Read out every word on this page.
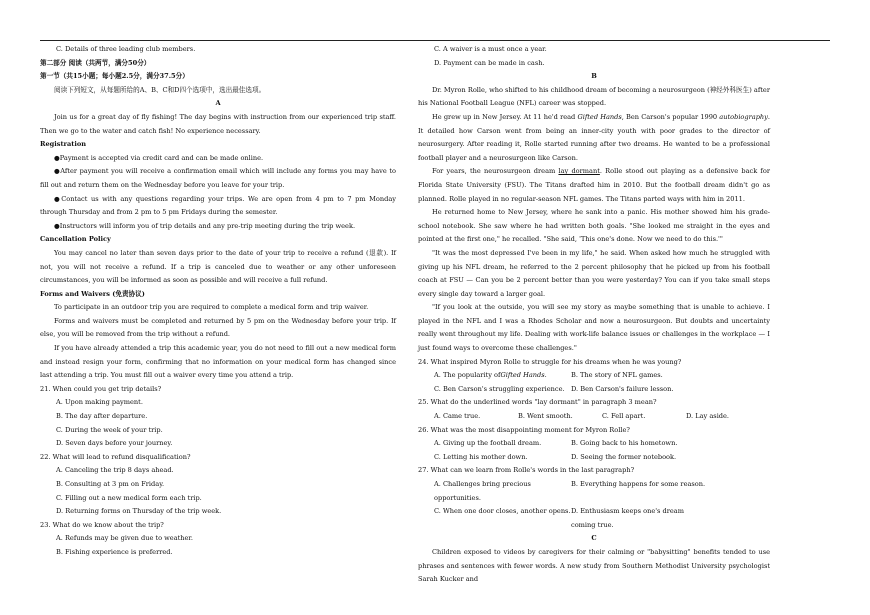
C. Details of three leading club members.

第二部分 阅读（共两节，满分50分）

第一节（共15小题；每小题2.5分，满分37.5分）

阅读下列短文，从每题所给的A、B、C和D四个选项中，选出最佳选项。

A

Join us for a great day of fly fishing! The day begins with instruction from our experienced trip staff. Then we go to the water and catch fish! No experience necessary.

Registration

●Payment is accepted via credit card and can be made online.

●After payment you will receive a confirmation email which will include any forms you may have to fill out and return them on the Wednesday before you leave for your trip.

●Contact us with any questions regarding your trips. We are open from 4 pm to 7 pm Monday through Thursday and from 2 pm to 5 pm Fridays during the semester.

●Instructors will inform you of trip details and any pre-trip meeting during the trip week.

Cancellation Policy

You may cancel no later than seven days prior to the date of your trip to receive a refund (退款). If not, you will not receive a refund. If a trip is canceled due to weather or any other unforeseen circumstances, you will be informed as soon as possible and will receive a full refund.

Forms and Waivers (免责协议)

To participate in an outdoor trip you are required to complete a medical form and trip waiver.

Forms and waivers must be completed and returned by 5 pm on the Wednesday before your trip. If else, you will be removed from the trip without a refund.

If you have already attended a trip this academic year, you do not need to fill out a new medical form and instead resign your form, confirming that no information on your medical form has changed since last attending a trip. You must fill out a waiver every time you attend a trip.

21. When could you get trip details?

A. Upon making payment.

B. The day after departure.

C. During the week of your trip.

D. Seven days before your journey.

22. What will lead to refund disqualification?

A. Canceling the trip 8 days ahead.

B. Consulting at 3 pm on Friday.

C. Filling out a new medical form each trip.

D. Returning forms on Thursday of the trip week.

23. What do we know about the trip?

A. Refunds may be given due to weather.

B. Fishing experience is preferred.

C. A waiver is a must once a year.

D. Payment can be made in cash.

B

Dr. Myron Rolle, who shifted to his childhood dream of becoming a neurosurgeon (神经外科医生) after his National Football League (NFL) career was stopped.

He grew up in New Jersey. At 11 he'd read Gifted Hands, Ben Carson's popular 1990 autobiography. It detailed how Carson went from being an inner-city youth with poor grades to the director of neurosurgery. After reading it, Rolle started running after two dreams. He wanted to be a professional football player and a neurosurgeon like Carson.

For years, the neurosurgeon dream lay dormant. Rolle stood out playing as a defensive back for Florida State University (FSU). The Titans drafted him in 2010. But the football dream didn't go as planned. Rolle played in no regular-season NFL games. The Titans parted ways with him in 2011.

He returned home to New Jersey, where he sank into a panic. His mother showed him his grade-school notebook. She saw where he had written both goals. "She looked me straight in the eyes and pointed at the first one," he recalled. "She said, 'This one's done. Now we need to do this.'"

"It was the most depressed I've been in my life," he said. When asked how much he struggled with giving up his NFL dream, he referred to the 2 percent philosophy that he picked up from his football coach at FSU — Can you be 2 percent better than you were yesterday? You can if you take small steps every single day toward a larger goal.

"If you look at the outside, you will see my story as maybe something that is unable to achieve. I played in the NFL and I was a Rhodes Scholar and now a neurosurgeon. But doubts and uncertainty really went throughout my life. Dealing with work-life balance issues or challenges in the workplace — I just found ways to overcome these challenges."

24. What inspired Myron Rolle to struggle for his dreams when he was young?

A. The popularity ofGifted Hands.	B. The story of NFL games.
C. Ben Carson's struggling experience. D. Ben Carson's failure lesson.

25. What do the underlined words "lay dormant" in paragraph 3 mean?

A. Came true.	B. Went smooth.	C. Fell apart.	D. Lay aside.

26. What was the most disappointing moment for Myron Rolle?

A. Giving up the football dream.	B. Going back to his hometown.
C. Letting his mother down.	D. Seeing the former notebook.

27. What can we learn from Rolle's words in the last paragraph?

A. Challenges bring precious opportunities.
B. Everything happens for some reason.
C. When one door closes, another opens. D. Enthusiasm keeps one's dream coming true.

C

Children exposed to videos by caregivers for their calming or "babysitting" benefits tended to use phrases and sentences with fewer words. A new study from Southern Methodist University psychologist Sarah Kucker and
